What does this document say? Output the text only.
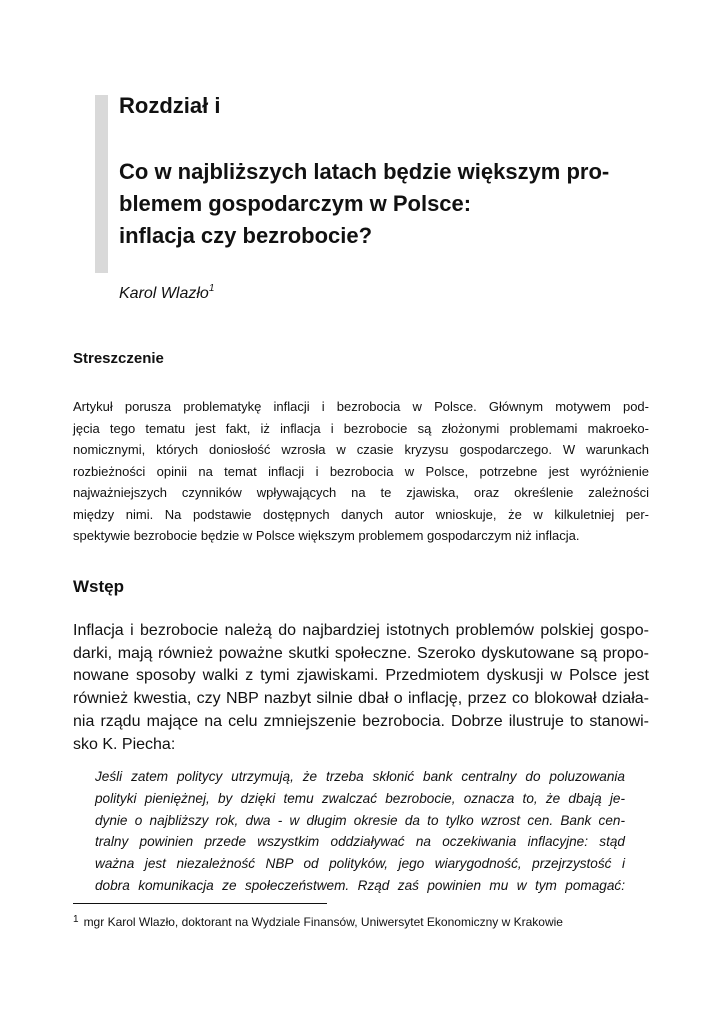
Rozdział i
Co w najbliższych latach będzie większym pro-
blemem gospodarczym w Polsce:
inflacja czy bezrobocie?
Karol Wlazło$^1$
Streszczenie
Artykuł porusza problematykę inflacji i bezrobocia w Polsce. Głównym motywem pod-
jęcia tego tematu jest fakt, iż inflacja i bezrobocie są złożonymi problemami makroeko-
nomicznymi, których doniosłość wzrosła w czasie kryzysu gospodarczego. W warunkach
rozbieżności opinii na temat inflacji i bezrobocia w Polsce, potrzebne jest wyróżnienie
najważniejszych czynników wpływających na te zjawiska, oraz określenie zależności
między nimi. Na podstawie dostępnych danych autor wnioskuje, że w kilkuletniej per-
spektywie bezrobocie będzie w Polsce większym problemem gospodarczym niż inflacja.
Wstęp
Inflacja i bezrobocie należą do najbardziej istotnych problemów polskiej gospo-
darki, mają również poważne skutki społeczne. Szeroko dyskutowane są propo-
nowane sposoby walki z tymi zjawiskami. Przedmiotem dyskusji w Polsce jest
również kwestia, czy NBP nazbyt silnie dbał o inflację, przez co blokował działa-
nia rządu mające na celu zmniejszenie bezrobocia. Dobrze ilustruje to stanowi-
sko K. Piecha:
Jeśli zatem politycy utrzymują, że trzeba skłonić bank centralny do poluzowania
polityki pieniężnej, by dzięki temu zwalczać bezrobocie, oznacza to, że dbają je-
dynie o najbliższy rok, dwa - w długim okresie da to tylko wzrost cen. Bank cen-
tralny powinien przede wszystkim oddziaływać na oczekiwania inflacyjne: stąd
ważna jest niezależność NBP od polityków, jego wiarygodność, przejrzystość i
dobra komunikacja ze społeczeństwem. Rząd zaś powinien mu w tym pomagać:
$^1$ mgr Karol Wlazło, doktorant na Wydziale Finansów, Uniwersytet Ekonomiczny w Krakowie
